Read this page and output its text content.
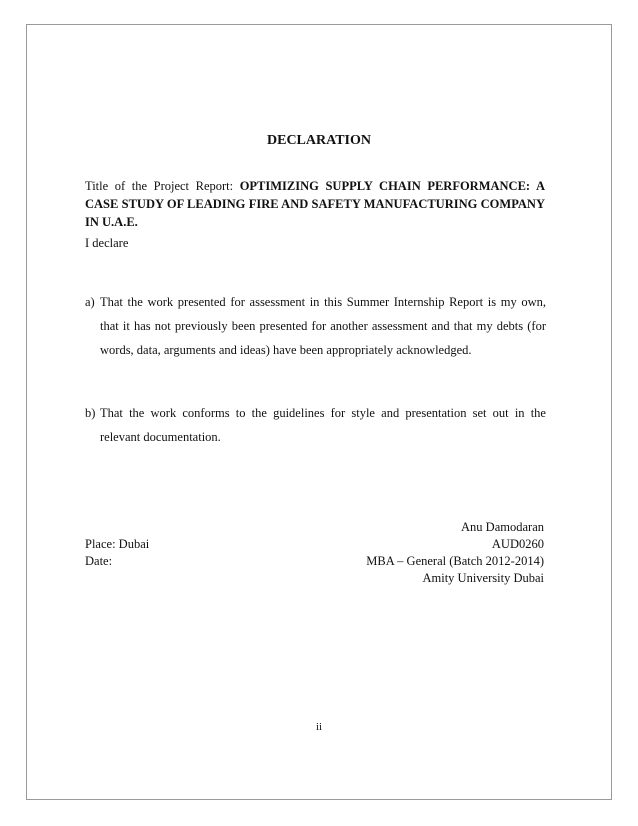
DECLARATION

Title of the Project Report: OPTIMIZING SUPPLY CHAIN PERFORMANCE: A CASE STUDY OF LEADING FIRE AND SAFETY MANUFACTURING COMPANY IN U.A.E.

I declare

a) That the work presented for assessment in this Summer Internship Report is my own, that it has not previously been presented for another assessment and that my debts (for words, data, arguments and ideas) have been appropriately acknowledged.
b) That the work conforms to the guidelines for style and presentation set out in the relevant documentation.
Anu Damodaran
AUD0260
MBA – General (Batch 2012-2014)
Amity University Dubai
Place: Dubai
Date:
ii
